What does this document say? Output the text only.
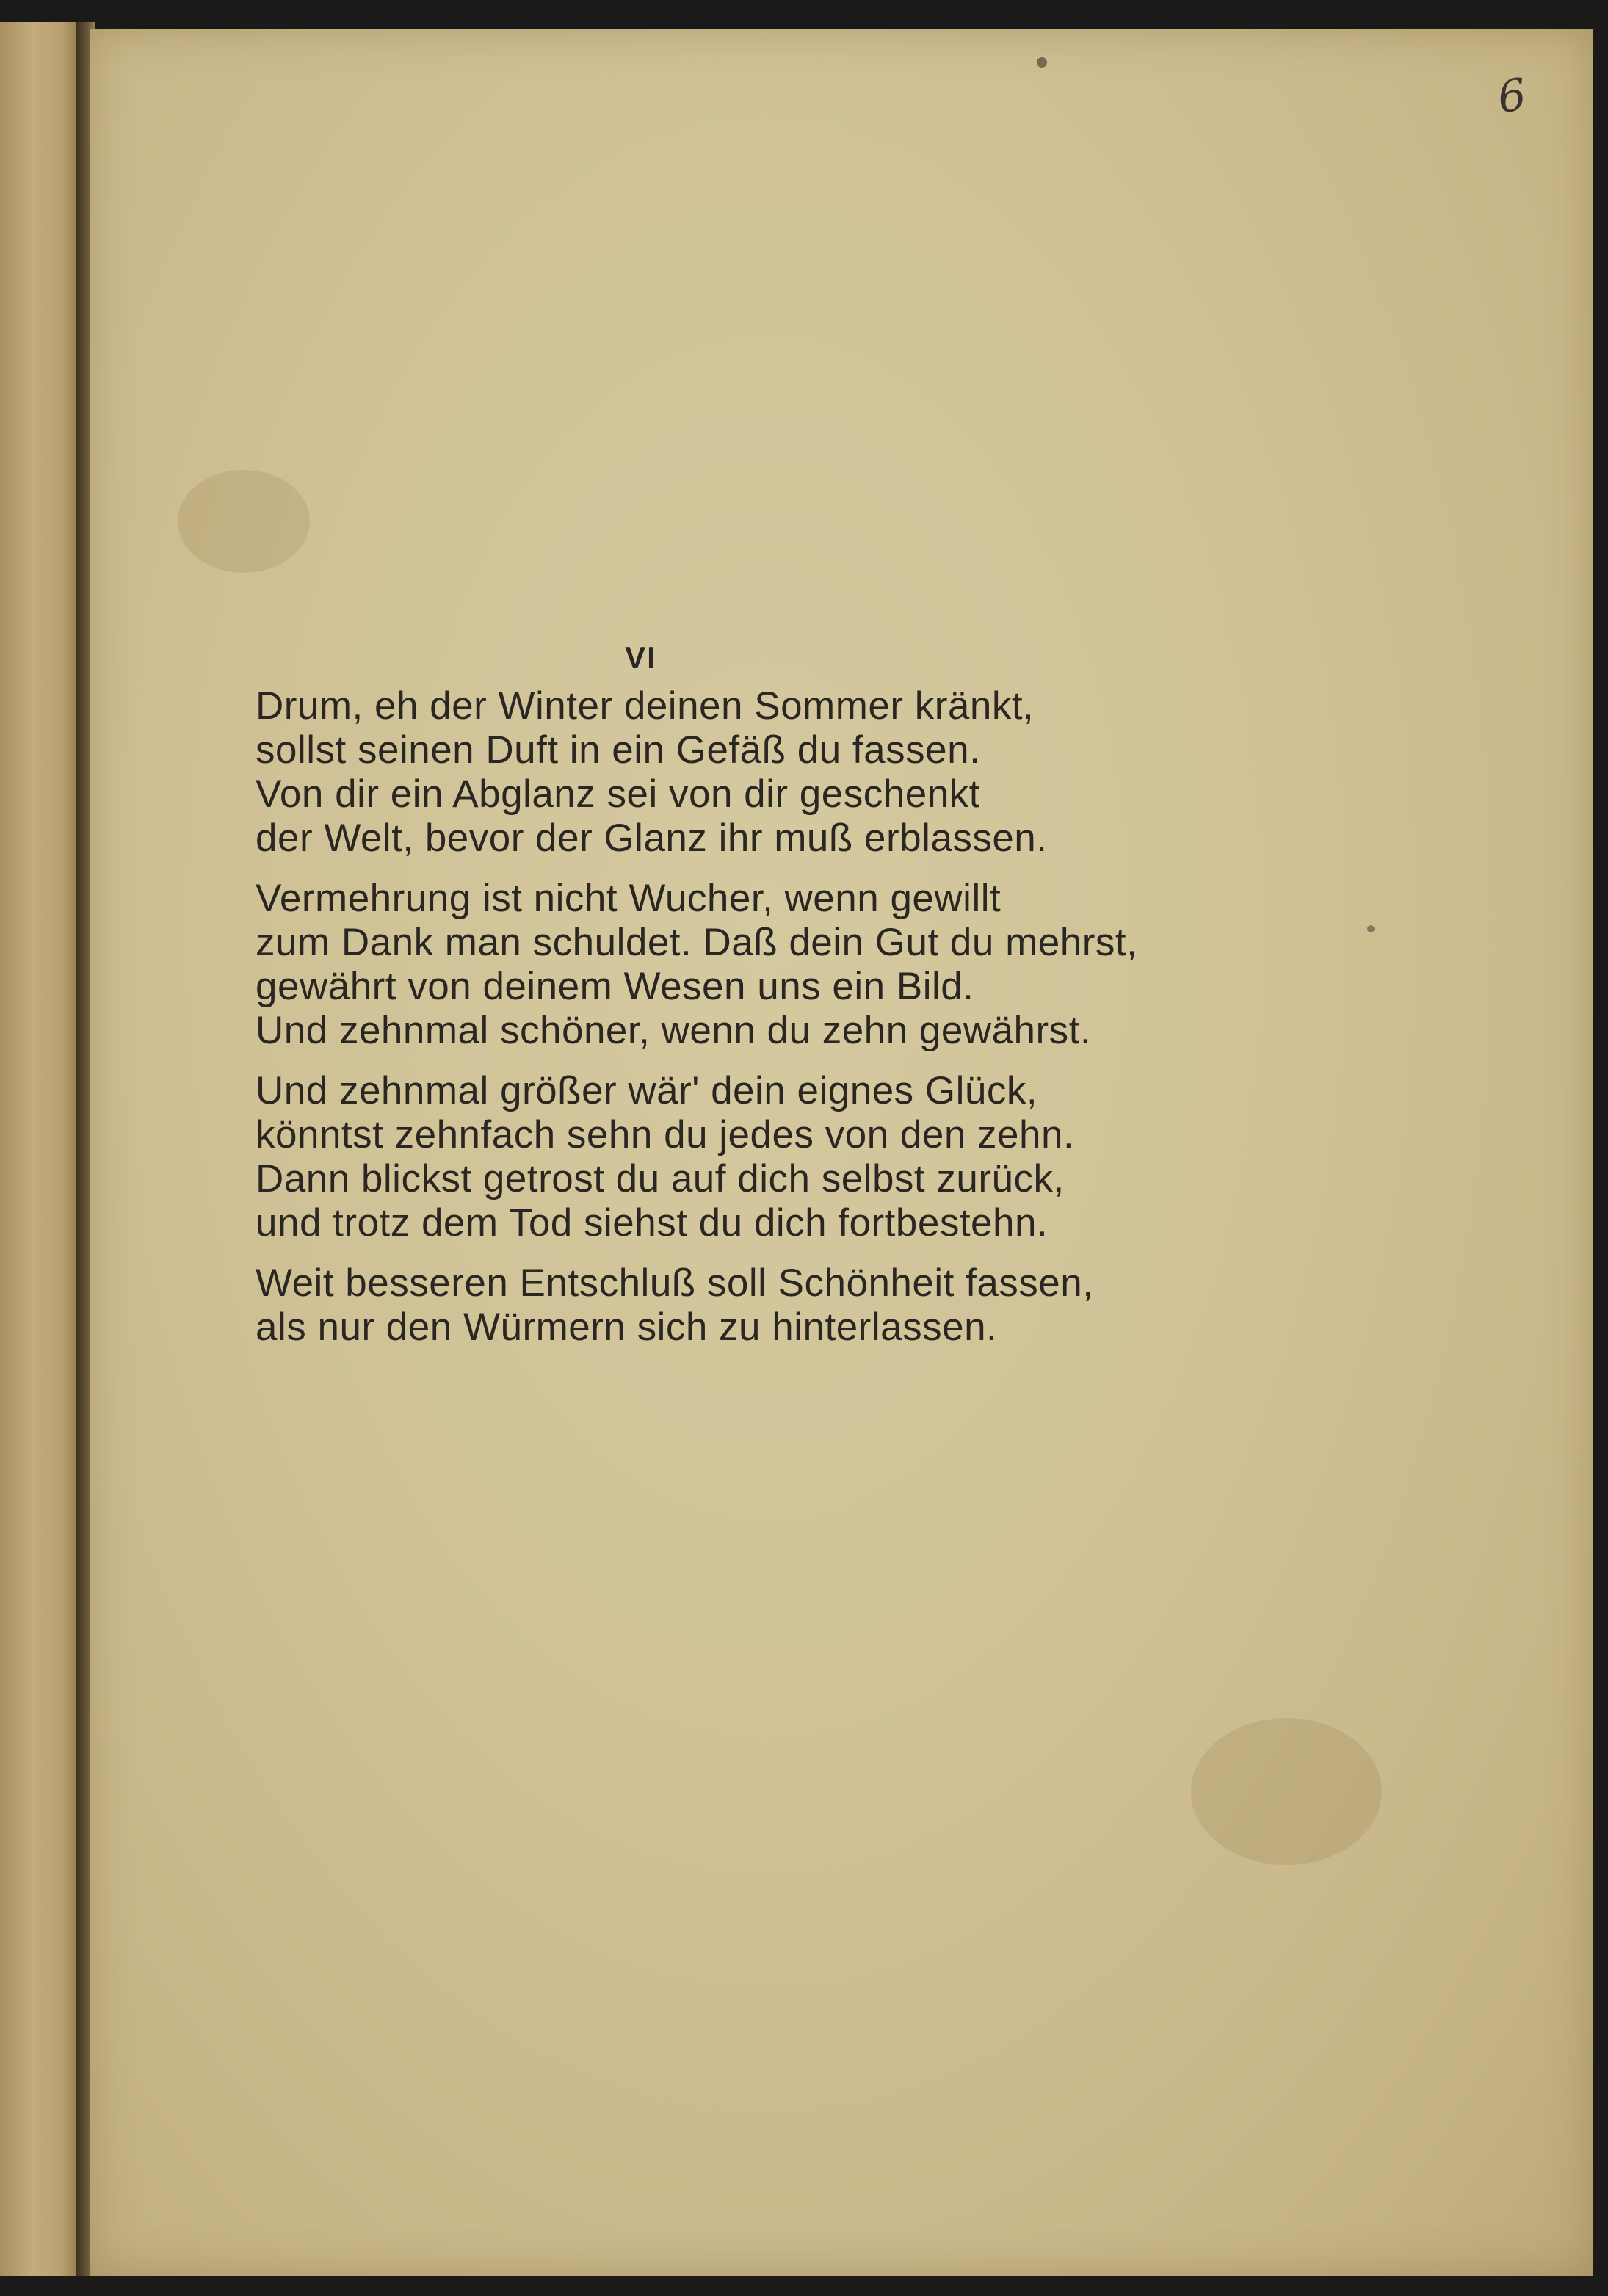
6
VI
Drum, eh der Winter deinen Sommer kränkt,
sollst seinen Duft in ein Gefäß du fassen.
Von dir ein Abglanz sei von dir geschenkt
der Welt, bevor der Glanz ihr muß erblassen.
Vermehrung ist nicht Wucher, wenn gewillt
zum Dank man schuldet. Daß dein Gut du mehrst,
gewährt von deinem Wesen uns ein Bild.
Und zehnmal schöner, wenn du zehn gewährst.
Und zehnmal größer wär' dein eignes Glück,
könntst zehnfach sehn du jedes von den zehn.
Dann blickst getrost du auf dich selbst zurück,
und trotz dem Tod siehst du dich fortbestehn.
Weit besseren Entschluß soll Schönheit fassen,
als nur den Würmern sich zu hinterlassen.
